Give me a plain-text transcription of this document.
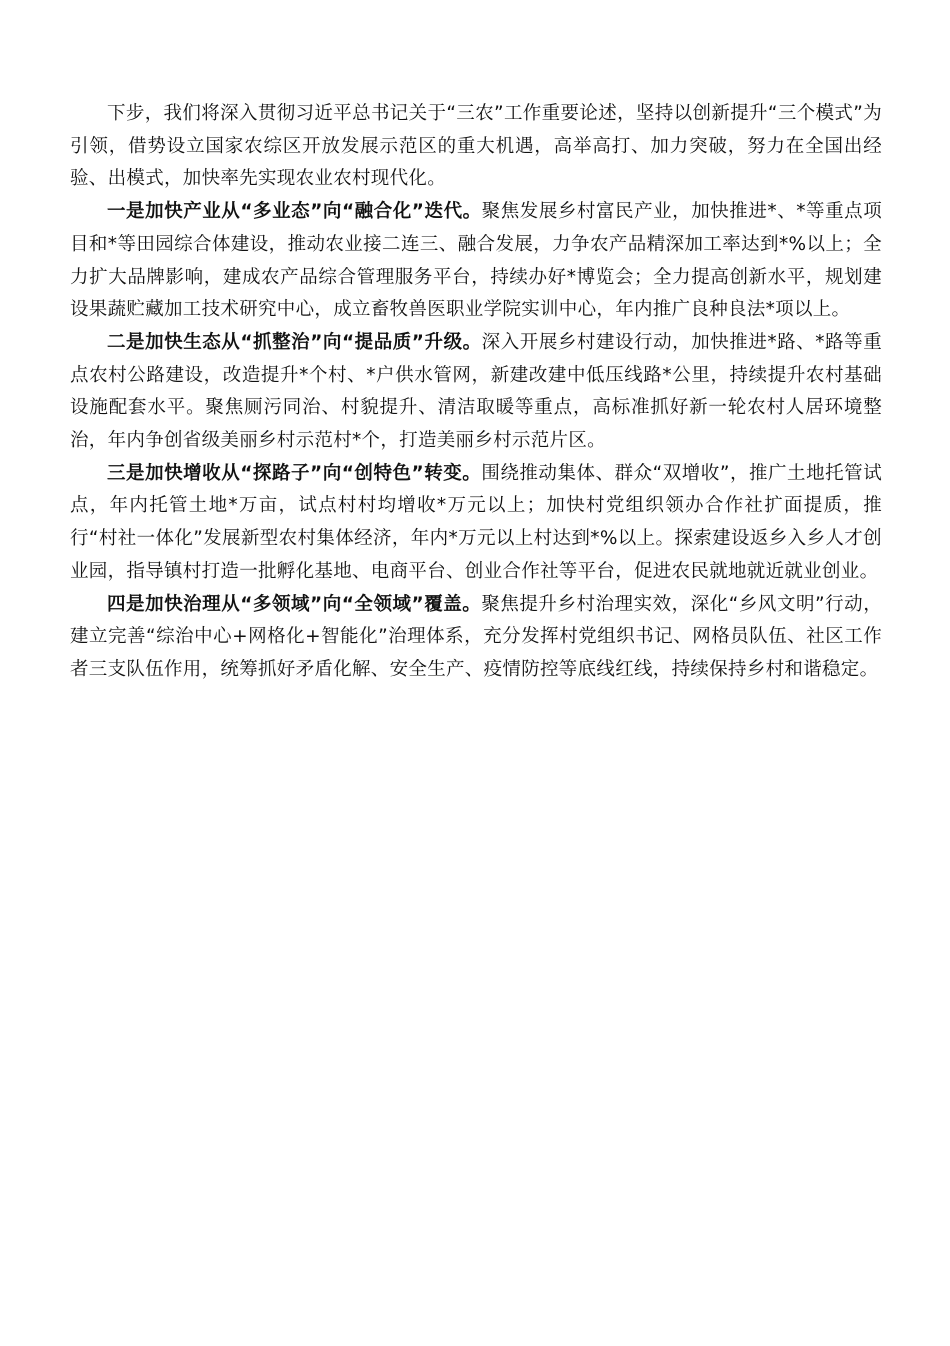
下步，我们将深入贯彻习近平总书记关于“三农”工作重要论述，坚持以创新提升“三个模式”为引领，借势设立国家农综区开放发展示范区的重大机遇，高举高打、加力突破，努力在全国出经验、出模式，加快率先实现农业农村现代化。

一是加快产业从“多业态”向“融合化”迭代。聚焦发展乡村富民产业，加快推进*、*等重点项目和*等田园综合体建设，推动农业接二连三、融合发展，力争农产品精深加工率达到*%以上；全力扩大品牌影响，建成农产品综合管理服务平台，持续办好*博览会；全力提高创新水平，规划建设果蔬贮藏加工技术研究中心，成立畜牧兽医职业学院实训中心，年内推广良种良法*项以上。

二是加快生态从“抓整治”向“提品质”升级。深入开展乡村建设行动，加快推进*路、*路等重点农村公路建设，改造提升*个村、*户供水管网，新建改建中低压线路*公里，持续提升农村基础设施配套水平。聚焦厕污同治、村貌提升、清洁取暖等重点，高标准抓好新一轮农村人居环境整治，年内争创省级美丽乡村示范村*个，打造美丽乡村示范片区。

三是加快增收从“探路子”向“创特色”转变。围绕推动集体、群众“双增收”，推广土地托管试点，年内托管土地*万亩，试点村村均增收*万元以上；加快村党组织领办合作社扩面提质，推行“村社一体化”发展新型农村集体经济，年内*万元以上村达到*%以上。探索建设返乡入乡人才创业园，指导镇村打造一批孵化基地、电商平台、创业合作社等平台，促进农民就地就近就业创业。

四是加快治理从“多领域”向“全领域”覆盖。聚焦提升乡村治理实效，深化“乡风文明”行动，建立完善“综治中心+网格化+智能化”治理体系，充分发挥村党组织书记、网格员队伍、社区工作者三支队伍作用，统筹抓好矛盾化解、安全生产、疫情防控等底线红线，持续保持乡村和谐稳定。
